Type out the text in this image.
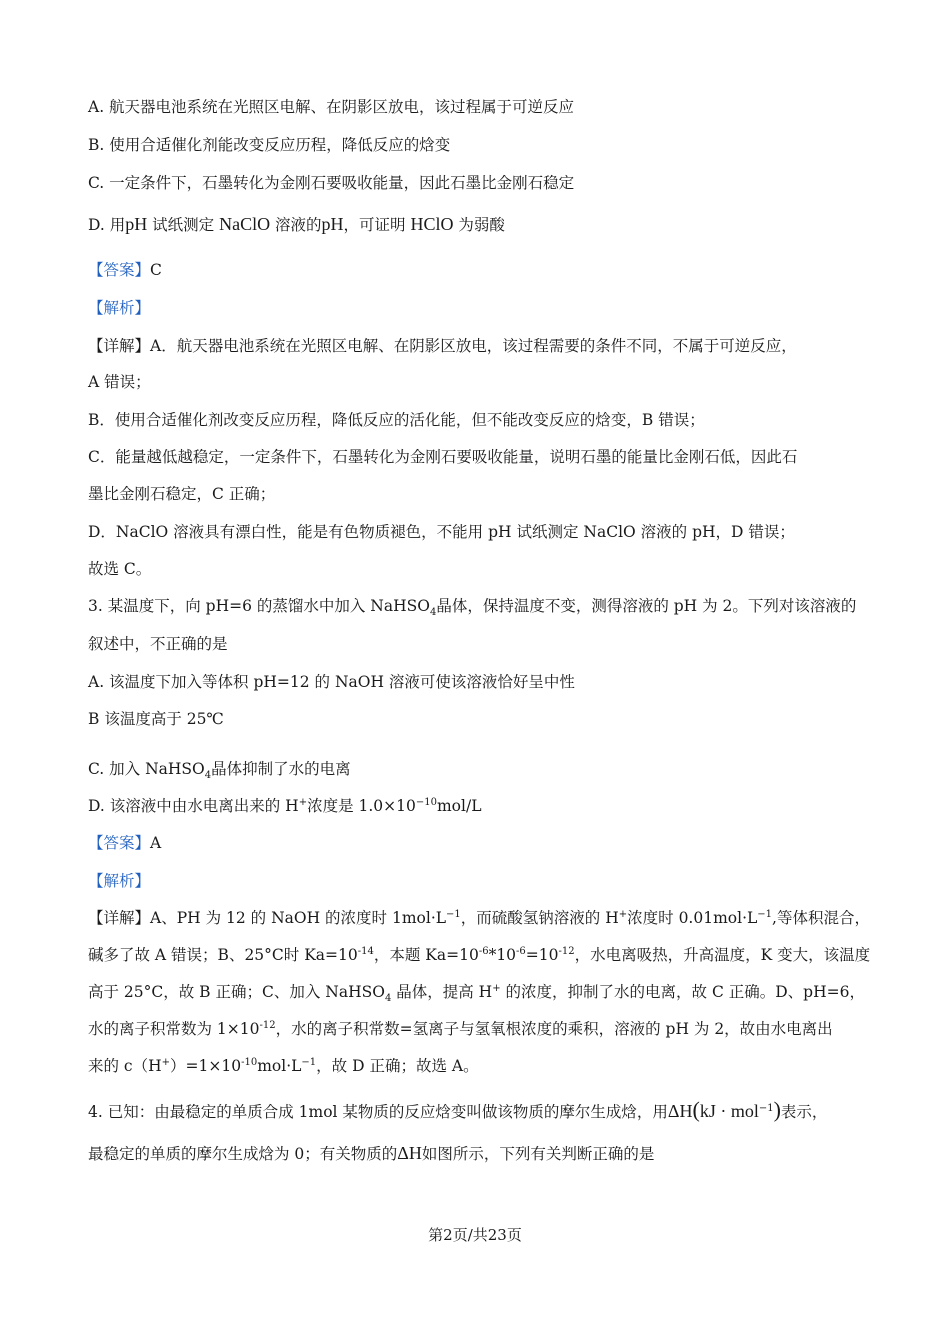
A. 航天器电池系统在光照区电解、在阴影区放电，该过程属于可逆反应
B. 使用合适催化剂能改变反应历程，降低反应的焓变
C. 一定条件下，石墨转化为金刚石要吸收能量，因此石墨比金刚石稳定
D. 用pH 试纸测定 NaClO 溶液的pH，可证明 HClO 为弱酸
【答案】C
【解析】
【详解】A．航天器电池系统在光照区电解、在阴影区放电，该过程需要的条件不同，不属于可逆反应，
A 错误；
B．使用合适催化剂改变反应历程，降低反应的活化能，但不能改变反应的焓变，B 错误；
C．能量越低越稳定，一定条件下，石墨转化为金刚石要吸收能量，说明石墨的能量比金刚石低，因此石
墨比金刚石稳定，C 正确；
D．NaClO 溶液具有漂白性，能是有色物质褪色，不能用 pH 试纸测定 NaClO 溶液的 pH，D 错误；
故选 C。
3. 某温度下，向 pH=6 的蒸馏水中加入 NaHSO$_4$晶体，保持温度不变，测得溶液的 pH 为 2。下列对该溶液的
叙述中，不正确的是
A. 该温度下加入等体积 pH=12 的 NaOH 溶液可使该溶液恰好呈中性
B 该温度高于 25℃
C. 加入 NaHSO$_4$晶体抑制了水的电离
D. 该溶液中由水电离出来的 H+浓度是 $1.0\times 10^{-10}mol/L$
【答案】A
【解析】
【详解】A、PH 为 12 的 NaOH 的浓度时 $1mol\cdot L^{-1}$，而硫酸氢钠溶液的 H+浓度时 $0.01mol\cdot L^{-1}$,等体积混合，
碱多了故 A 错误；B、25°C时 $Ka=10^{-14}$，本题 $Ka=10^{-6}*10^{-6}=10^{-12}$，水电离吸热，升高温度，K 变大，该温度
高于 25°C，故 B 正确；C、加入 NaHSO$_4$ 晶体，提高 H+ 的浓度，抑制了水的电离，故 C 正确。D、pH=6，
水的离子积常数为 $1\times 10^{-12}$，水的离子积常数=氢离子与氢氧根浓度的乘积，溶液的 pH 为 2，故由水电离出
来的 $c(H^+)=1\times 10^{-10}mol\cdot L^{-1}$，故 D 正确；故选 A。
4. 已知：由最稳定的单质合成 1mol 某物质的反应焓变叫做该物质的摩尔生成焓，用ΔH(kJ · mol$^{-1}$)表示，
最稳定的单质的摩尔生成焓为 0；有关物质的ΔH如图所示，下列有关判断正确的是
第2页/共23页
